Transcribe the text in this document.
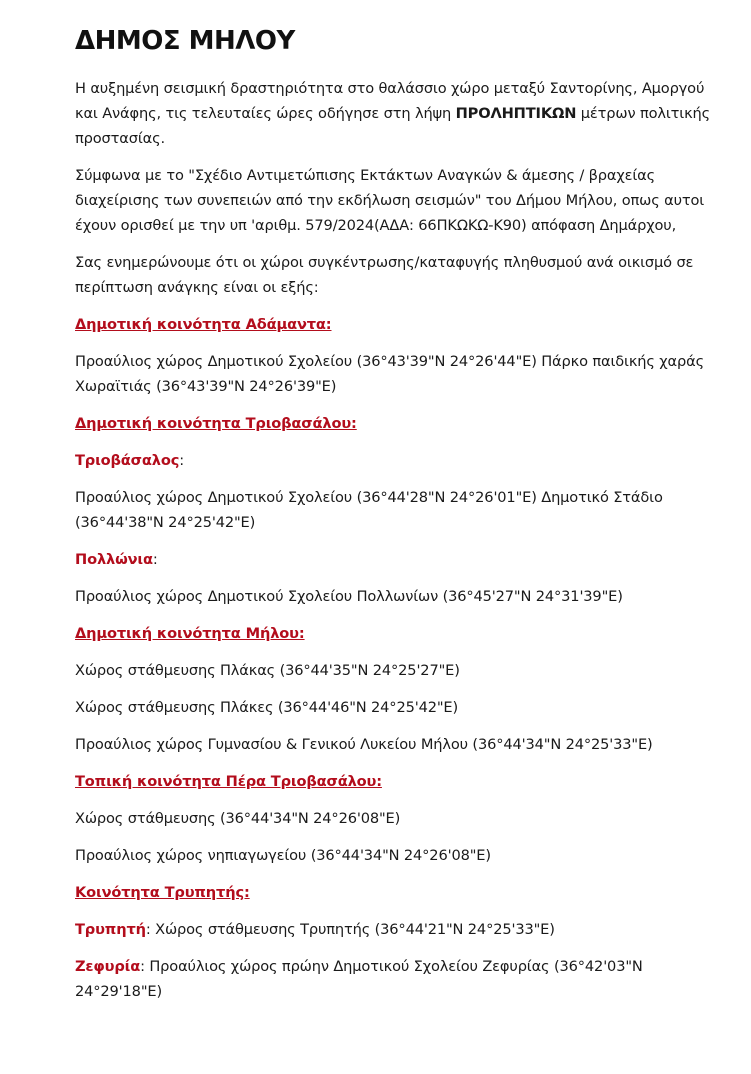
ΔΗΜΟΣ ΜΗΛΟΥ

Η αυξημένη σεισμική δραστηριότητα στο θαλάσσιο χώρο μεταξύ Σαντορίνης, Αμοργού και Ανάφης, τις τελευταίες ώρες οδήγησε στη λήψη ΠΡΟΛΗΠΤΙΚΩΝ μέτρων πολιτικής προστασίας.

Σύμφωνα με το "Σχέδιο Αντιμετώπισης Εκτάκτων Αναγκών & άμεσης / βραχείας διαχείρισης των συνεπειών από την εκδήλωση σεισμών" του Δήμου Μήλου, οπως αυτοι έχουν ορισθεί με την υπ 'αριθμ. 579/2024(ΑΔΑ: 66ΠΚΩΚΩ-Κ90) απόφαση Δημάρχου,

Σας ενημερώνουμε ότι οι χώροι συγκέντρωσης/καταφυγής πληθυσμού ανά οικισμό σε περίπτωση ανάγκης είναι οι εξής:

Δημοτική κοινότητα Αδάμαντα:

Προαύλιος χώρος Δημοτικού Σχολείου (36°43'39"N 24°26'44"E) Πάρκο παιδικής χαράς Χωραϊτιάς (36°43'39"N 24°26'39"E)

Δημοτική κοινότητα Τριοβασάλου:

Τριοβάσαλος:

Προαύλιος χώρος Δημοτικού Σχολείου (36°44'28"N 24°26'01"E) Δημοτικό Στάδιο (36°44'38"N 24°25'42"E)

Πολλώνια:

Προαύλιος χώρος Δημοτικού Σχολείου Πολλωνίων (36°45'27"N 24°31'39"E)

Δημοτική κοινότητα Μήλου:

Χώρος στάθμευσης Πλάκας (36°44'35"N 24°25'27"E)

Χώρος στάθμευσης Πλάκες (36°44'46"N 24°25'42"E)

Προαύλιος χώρος Γυμνασίου & Γενικού Λυκείου Μήλου (36°44'34"N 24°25'33"E)

Τοπική κοινότητα Πέρα Τριοβασάλου:

Χώρος στάθμευσης (36°44'34"N 24°26'08"E)

Προαύλιος χώρος νηπιαγωγείου (36°44'34"N 24°26'08"E)

Κοινότητα Τρυπητής:

Τρυπητή: Χώρος στάθμευσης Τρυπητής (36°44'21"N 24°25'33"E)

Ζεφυρία: Προαύλιος χώρος πρώην Δημοτικού Σχολείου Ζεφυρίας (36°42'03"N 24°29'18"E)
